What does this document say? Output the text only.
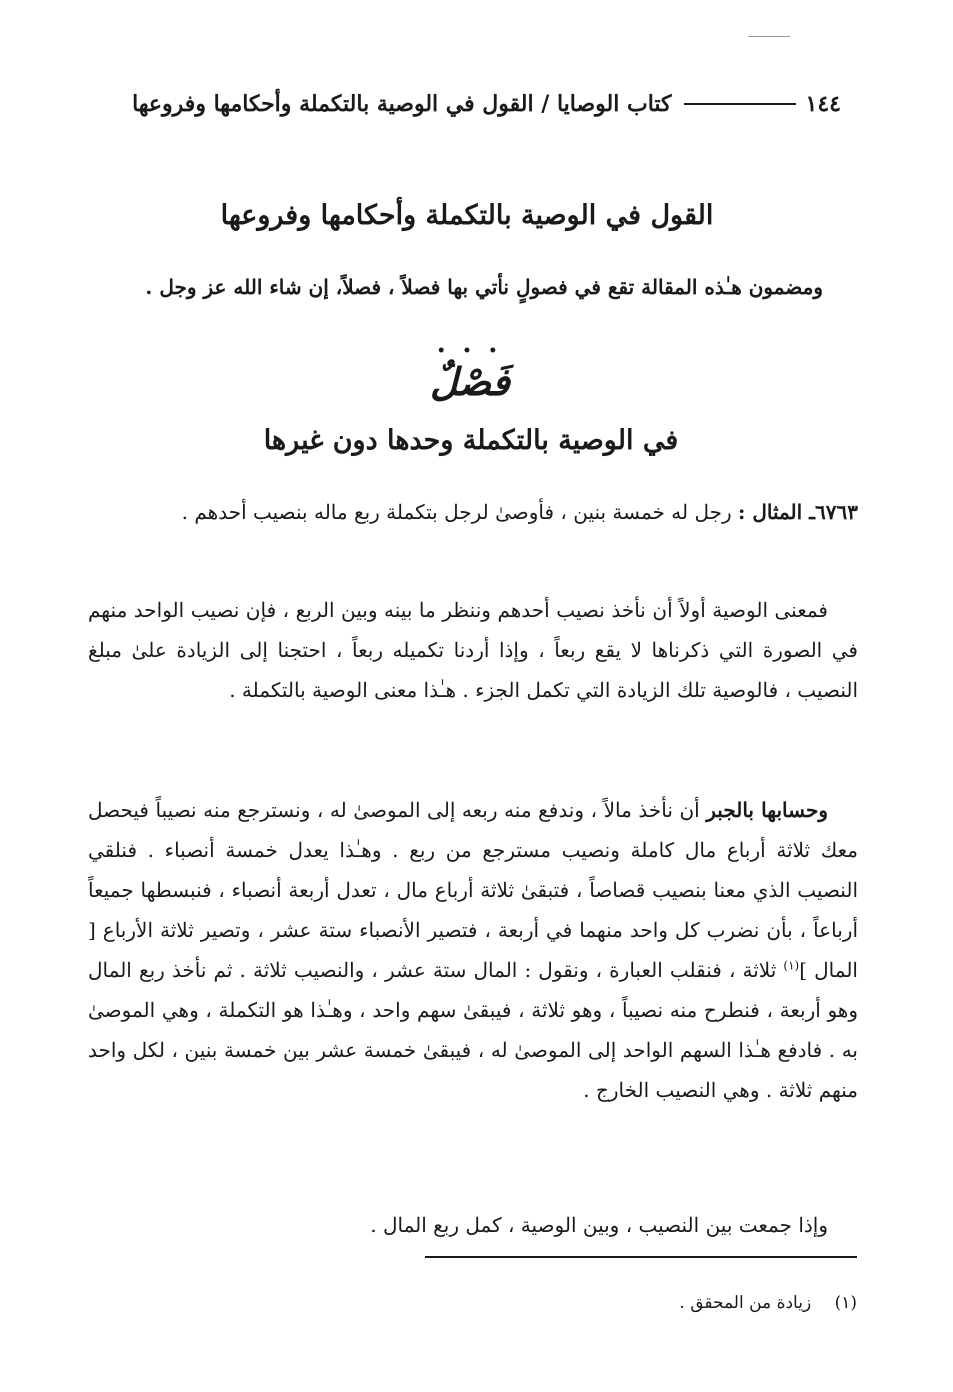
١٤٤
كتاب الوصايا / القول في الوصية بالتكملة وأحكامها وفروعها
القول في الوصية بالتكملة وأحكامها وفروعها
ومضمون هـٰذه المقالة تقع في فصولٍ نأتي بها فصلاً ، فصلاً، إن شاء الله عز وجل .
• • •
فَصْلٌ
في الوصية بالتكملة وحدها دون غيرها
٦٧٦٣ـ المثال : رجل له خمسة بنين ، فأوصىٰ لرجل بتكملة ربع ماله بنصيب أحدهم .
فمعنى الوصية أولاً أن نأخذ نصيب أحدهم وننظر ما بينه وبين الربع ، فإن نصيب الواحد منهم في الصورة التي ذكرناها لا يقع ربعاً ، وإذا أردنا تكميله ربعاً ، احتجنا إلى الزيادة علىٰ مبلغ النصيب ، فالوصية تلك الزيادة التي تكمل الجزء . هـٰذا معنى الوصية بالتكملة .
وحسابها بالجبر أن نأخذ مالاً ، وندفع منه ربعه إلى الموصىٰ له ، ونسترجع منه نصيباً فيحصل معك ثلاثة أرباع مال كاملة ونصيب مسترجع من ربع . وهـٰذا يعدل خمسة أنصباء . فنلقي النصيب الذي معنا بنصيب قصاصاً ، فتبقىٰ ثلاثة أرباع مال ، تعدل أربعة أنصباء ، فنبسطها جميعاً أرباعاً ، بأن نضرب كل واحد منهما في أربعة ، فتصير الأنصباء ستة عشر ، وتصير ثلاثة الأرباع [ المال ]$^{(١)}$ ثلاثة ، فنقلب العبارة ، ونقول : المال ستة عشر ، والنصيب ثلاثة . ثم نأخذ ربع المال وهو أربعة ، فنطرح منه نصيباً ، وهو ثلاثة ، فيبقىٰ سهم واحد ، وهـٰذا هو التكملة ، وهي الموصىٰ به . فادفع هـٰذا السهم الواحد إلى الموصىٰ له ، فيبقىٰ خمسة عشر بين خمسة بنين ، لكل واحد منهم ثلاثة . وهي النصيب الخارج .
وإذا جمعت بين النصيب ، وبين الوصية ، كمل ربع المال .
(١) زيادة من المحقق .
